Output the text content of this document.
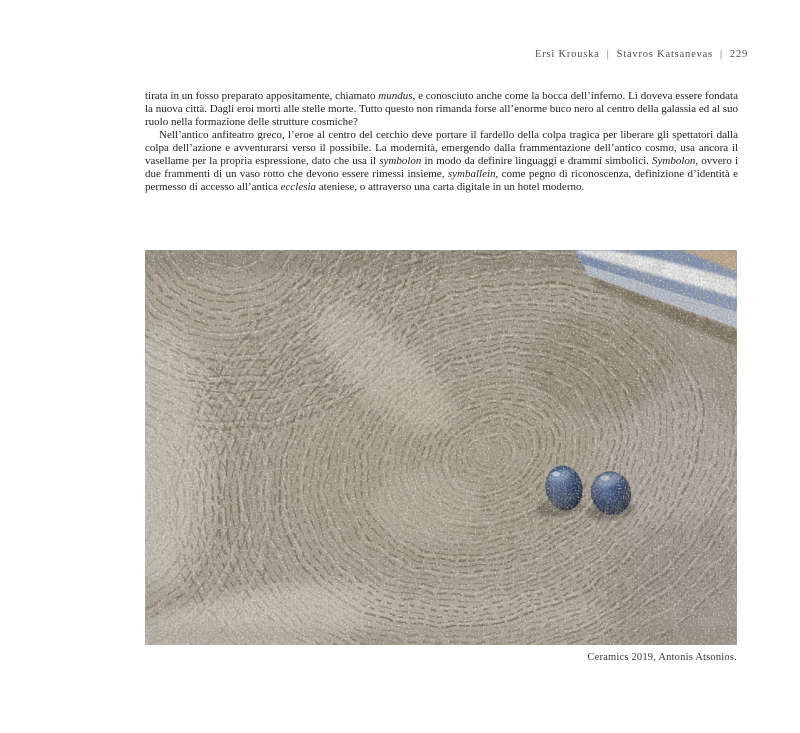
Ersi Krouska | Stavros Katsanevas | 229

tirata in un fosso preparato appositamente, chiamato mundus, e conosciuto anche come la bocca dell’inferno. Lì doveva essere fondata la nuova città. Dagli eroi morti alle stelle morte. Tutto questo non rimanda forse all’enorme buco nero al centro della galassia ed al suo ruolo nella formazione delle strutture cosmiche?

Nell’antico anfiteatro greco, l’eroe al centro del cerchio deve portare il fardello della colpa tragica per liberare gli spettatori dalla colpa dell’azione e avventurarsi verso il possibile. La modernità, emergendo dalla frammentazione dell’antico cosmo, usa ancora il vasellame per la propria espressione, dato che usa il symbolon in modo da definire linguaggi e drammi simbolici. Symbolon, ovvero i due frammenti di un vaso rotto che devono essere rimessi insieme, symballein, come pegno di riconoscenza, definizione d’identità e permesso di accesso all’antica ecclesia ateniese, o attraverso una carta digitale in un hotel moderno.

Ceramics 2019, Antonis Atsonios.
